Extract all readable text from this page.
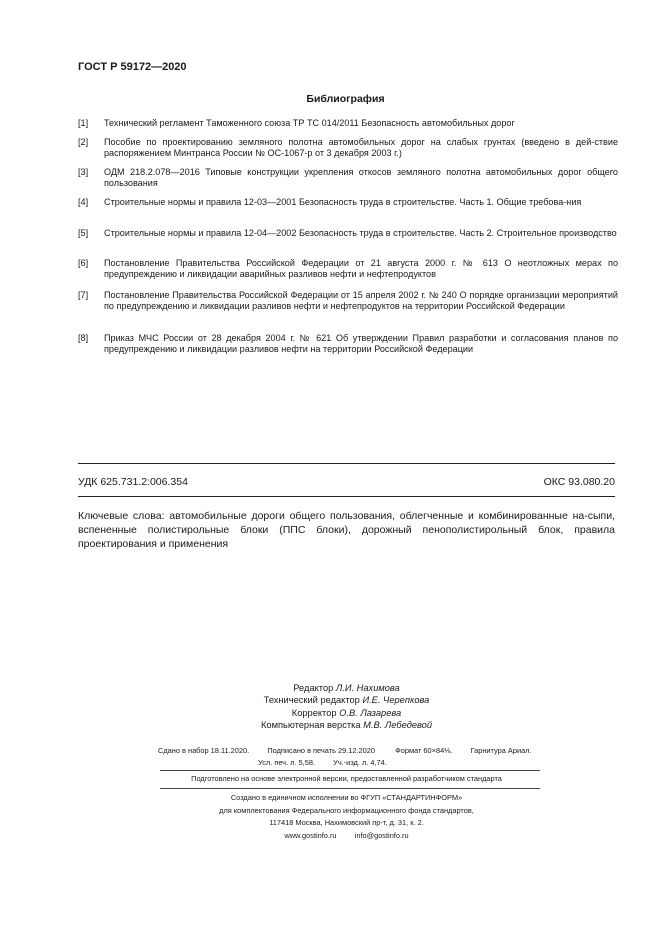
ГОСТ Р 59172—2020
Библиография
[1]	Технический регламент Таможенного союза ТР ТС 014/2011 Безопасность автомобильных дорог
[2]	Пособие по проектированию земляного полотна автомобильных дорог на слабых грунтах (введено в дей-ствие распоряжением Минтранса России № ОС-1067-р от 3 декабря 2003 г.)
[3]	ОДМ 218.2.078—2016 Типовые конструкции укрепления откосов земляного полотна автомобильных дорог общего пользования
[4]	Строительные нормы и правила 12-03—2001 Безопасность труда в строительстве. Часть 1. Общие требова-ния
[5]	Строительные нормы и правила 12-04—2002 Безопасность труда в строительстве. Часть 2. Строительное производство
[6]	Постановление Правительства Российской Федерации от 21 августа 2000 г. № 613 О неотложных мерах по предупреждению и ликвидации аварийных разливов нефти и нефтепродуктов
[7]	Постановление Правительства Российской Федерации от 15 апреля 2002 г. № 240 О порядке организации мероприятий по предупреждению и ликвидации разливов нефти и нефтепродуктов на территории Российской Федерации
[8]	Приказ МЧС России от 28 декабря 2004 г. № 621 Об утверждении Правил разработки и согласования планов по предупреждению и ликвидации разливов нефти на территории Российской Федерации
УДК 625.731.2:006.354	ОКС 93.080.20
Ключевые слова: автомобильные дороги общего пользования, облегченные и комбинированные на-сыпи, вспененные полистирольные блоки (ППС блоки), дорожный пенополистирольный блок, правила проектирования и применения
Редактор Л.И. Нахимова
Технический редактор И.Е. Черепкова
Корректор О.В. Лазарева
Компьютерная верстка М.В. Лебедевой
Сдано в набор 18.11.2020. Подписано в печать 29.12.2020	Формат 60×84⅛. Гарнитура Ариал.
Усл. печ. л. 5,58. Уч.-изд. л. 4,74.
Подготовлено на основе электронной версии, предоставленной разработчиком стандарта
Создано в единичном исполнении во ФГУП «СТАНДАРТИНФОРМ»
для комплектования Федерального информационного фонда стандартов,
117418 Москва, Нахимовский пр-т, д. 31, к. 2.
www.gostinfo.ru info@gostinfo.ru
